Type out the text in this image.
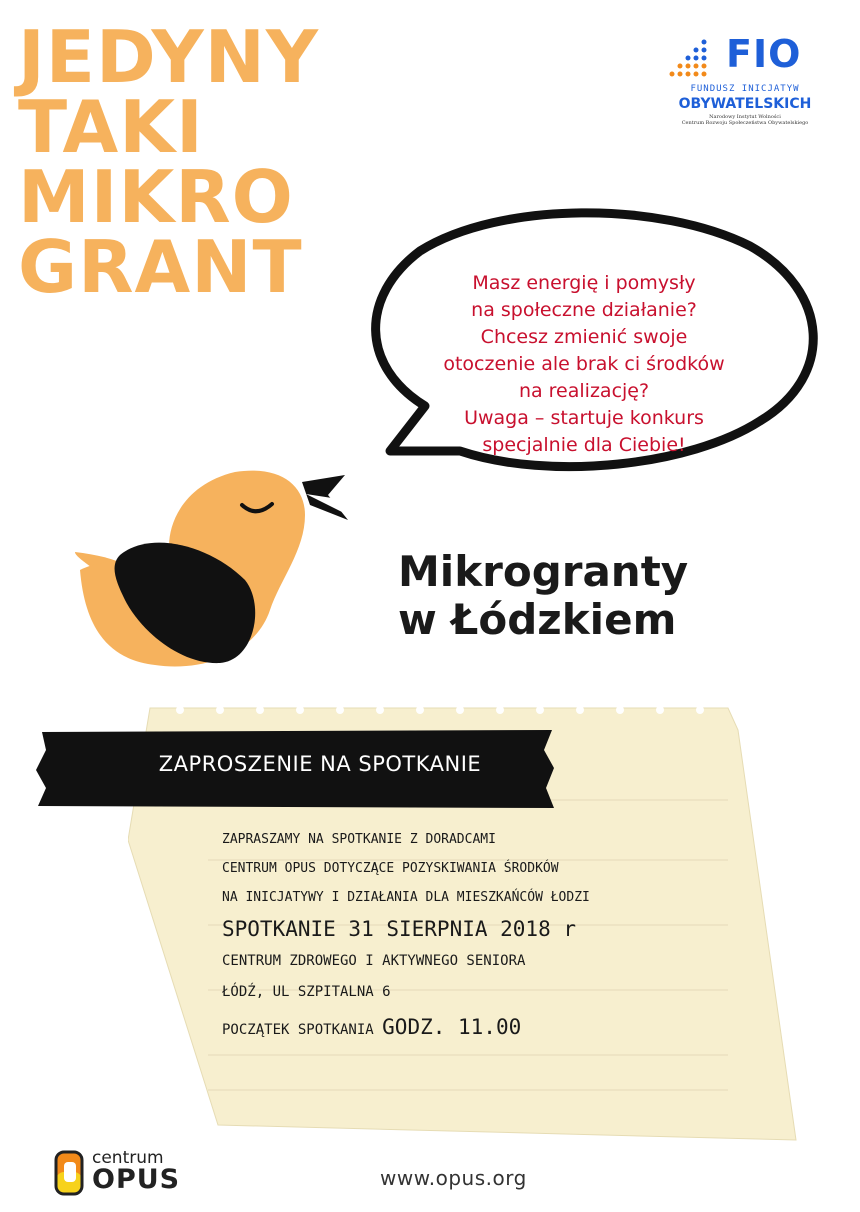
JEDYNY
TAKI
MIKRO
GRANT
FIO
FUNDUSZ INICJATYW
OBYWATELSKICH
Narodowy Instytut Wolności
Centrum Rozwoju Społeczeństwa Obywatelskiego
Masz energię i pomysły
na społeczne działanie?
Chcesz zmienić swoje
otoczenie ale brak ci środków
na realizację?
Uwaga – startuje konkurs
specjalnie dla Ciebie!
Mikrogranty
w Łódzkiem
ZAPROSZENIE NA SPOTKANIE
ZAPRASZAMY NA SPOTKANIE Z DORADCAMI
CENTRUM OPUS DOTYCZĄCE POZYSKIWANIA ŚRODKÓW
NA INICJATYWY I DZIAŁANIA DLA MIESZKAŃCÓW ŁODZI
SPOTKANIE 31 SIERPNIA 2018 r
CENTRUM ZDROWEGO I AKTYWNEGO SENIORA
ŁÓDŹ, UL SZPITALNA 6
POCZĄTEK SPOTKANIA GODZ. 11.00
centrum
OPUS	www.opus.org
